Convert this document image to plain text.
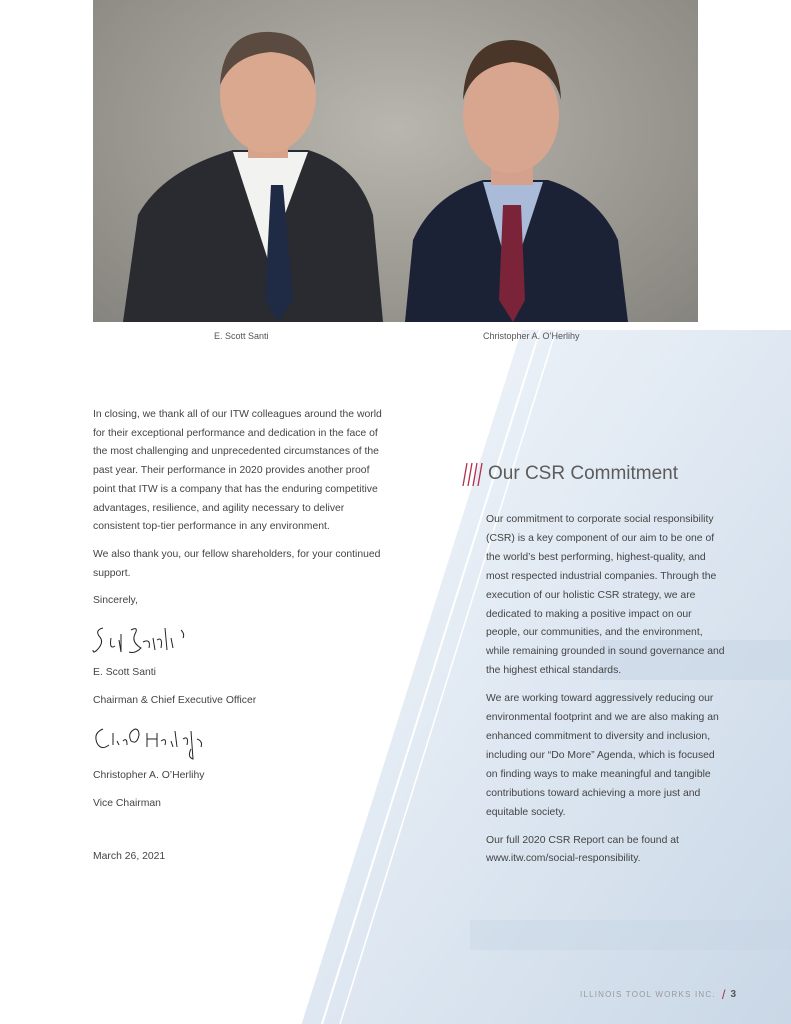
E. Scott Santi	Christopher A. O’Herlihy

In closing, we thank all of our ITW colleagues around the world for their exceptional performance and dedication in the face of the most challenging and unprecedented circumstances of the past year. Their performance in 2020 provides another proof point that ITW is a company that has the enduring competitive advantages, resilience, and agility necessary to deliver consistent top-tier performance in any environment.

We also thank you, our fellow shareholders, for your continued support.

Sincerely,

E. Scott Santi

Chairman & Chief Executive Officer

Christopher A. O’Herlihy

Vice Chairman

March 26, 2021

Our CSR Commitment

Our commitment to corporate social responsibility (CSR) is a key component of our aim to be one of the world’s best performing, highest-quality, and most respected industrial companies. Through the execution of our holistic CSR strategy, we are dedicated to making a positive impact on our people, our communities, and the environment, while remaining grounded in sound governance and the highest ethical standards.

We are working toward aggressively reducing our environmental footprint and we are also making an enhanced commitment to diversity and inclusion, including our “Do More” Agenda, which is focused on finding ways to make meaningful and tangible contributions toward achieving a more just and equitable society.

Our full 2020 CSR Report can be found at www.itw.com/social-responsibility.

ILLINOIS TOOL WORKS INC. / 3
